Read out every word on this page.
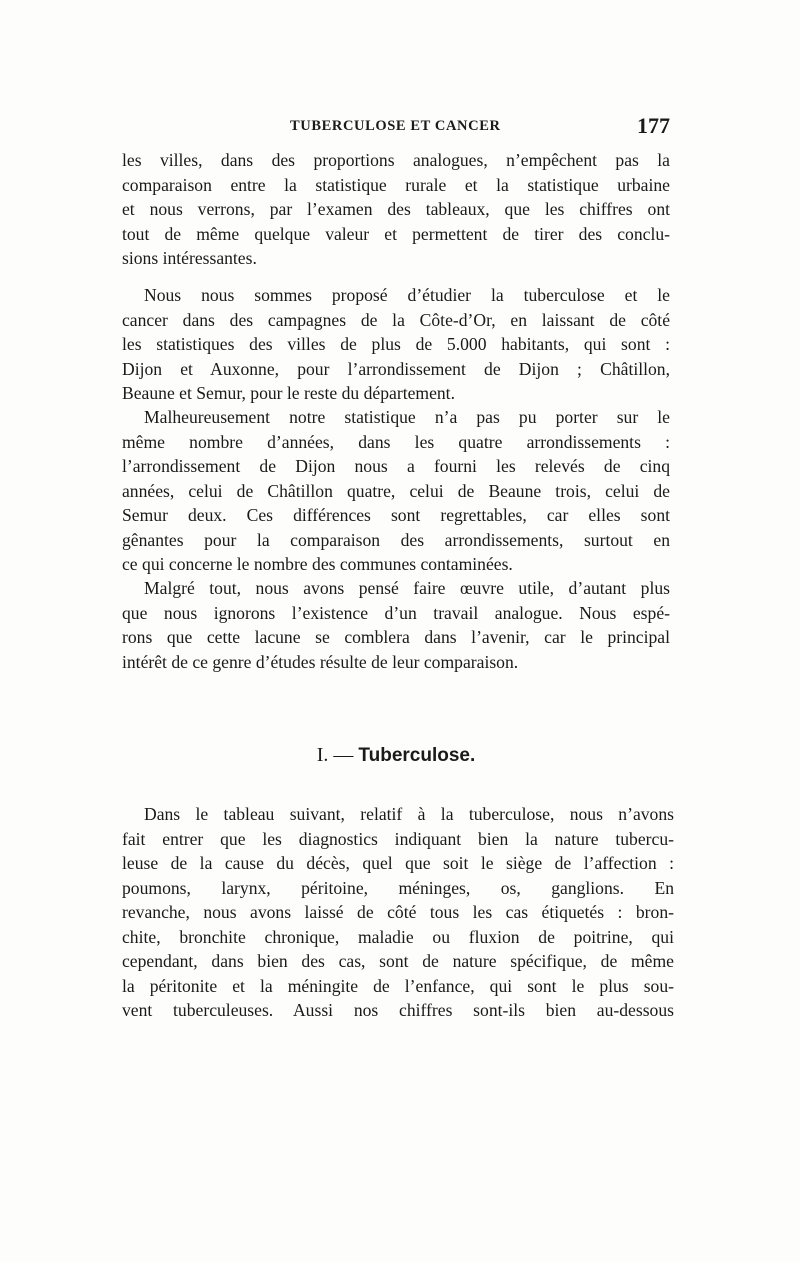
TUBERCULOSE ET CANCER	177
les villes, dans des proportions analogues, n’empêchent pas la
comparaison entre la statistique rurale et la statistique urbaine
et nous verrons, par l’examen des tableaux, que les chiffres ont
tout de même quelque valeur et permettent de tirer des conclu-
sions intéressantes.
Nous nous sommes proposé d’étudier la tuberculose et le
cancer dans des campagnes de la Côte-d’Or, en laissant de côté
les statistiques des villes de plus de 5.000 habitants, qui sont :
Dijon et Auxonne, pour l’arrondissement de Dijon ; Châtillon,
Beaune et Semur, pour le reste du département.
Malheureusement notre statistique n’a pas pu porter sur le
même nombre d’années, dans les quatre arrondissements :
l’arrondissement de Dijon nous a fourni les relevés de cinq
années, celui de Châtillon quatre, celui de Beaune trois, celui de
Semur deux. Ces différences sont regrettables, car elles sont
gênantes pour la comparaison des arrondissements, surtout en
ce qui concerne le nombre des communes contaminées.
Malgré tout, nous avons pensé faire œuvre utile, d’autant plus
que nous ignorons l’existence d’un travail analogue. Nous espé-
rons que cette lacune se comblera dans l’avenir, car le principal
intérêt de ce genre d’études résulte de leur comparaison.
I. — Tuberculose.
Dans le tableau suivant, relatif à la tuberculose, nous n’avons
fait entrer que les diagnostics indiquant bien la nature tubercu-
leuse de la cause du décès, quel que soit le siège de l’affection :
poumons, larynx, péritoine, méninges, os, ganglions. En
revanche, nous avons laissé de côté tous les cas étiquetés : bron-
chite, bronchite chronique, maladie ou fluxion de poitrine, qui
cependant, dans bien des cas, sont de nature spécifique, de même
la péritonite et la méningite de l’enfance, qui sont le plus sou-
vent tuberculeuses. Aussi nos chiffres sont-ils bien au-dessous
